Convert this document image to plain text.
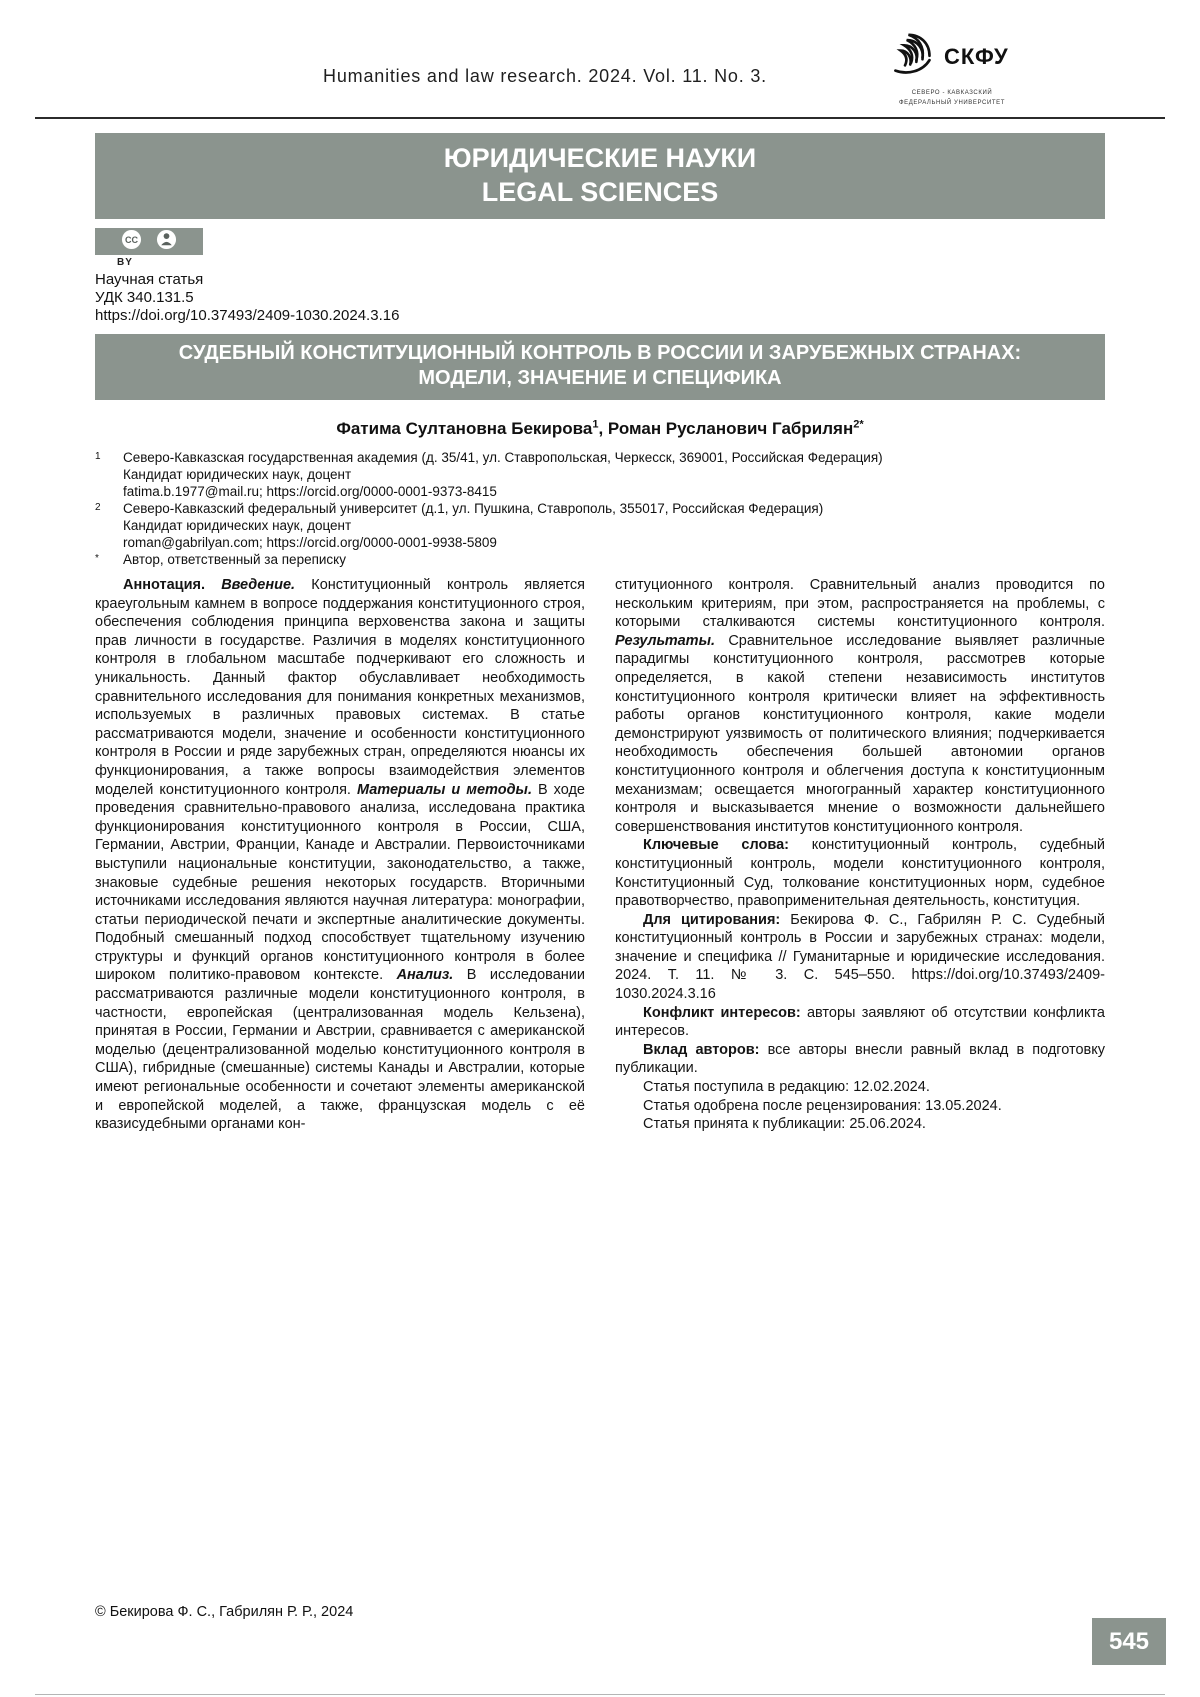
Humanities and law research. 2024. Vol. 11. No. 3.
СКФУ
СЕВЕРО - КАВКАЗСКИЙ
ФЕДЕРАЛЬНЫЙ УНИВЕРСИТЕТ
ЮРИДИЧЕСКИЕ НАУКИ
LEGAL SCIENCES
CC
BY
Научная статья
УДК 340.131.5
https://doi.org/10.37493/2409-1030.2024.3.16
СУДЕБНЫЙ КОНСТИТУЦИОННЫЙ КОНТРОЛЬ В РОССИИ И ЗАРУБЕЖНЫХ СТРАНАХ:
МОДЕЛИ, ЗНАЧЕНИЕ И СПЕЦИФИКА
Фатима Султановна Бекирова$^1$, Роман Русланович Габрилян$^{2*}$
1	Северо-Кавказская государственная академия (д. 35/41, ул. Ставропольская, Черкесск, 369001, Российская Федерация)
Кандидат юридических наук, доцент
fatima.b.1977@mail.ru; https://orcid.org/0000-0001-9373-8415
2	Северо-Кавказский федеральный университет (д.1, ул. Пушкина, Ставрополь, 355017, Российская Федерация)
Кандидат юридических наук, доцент
roman@gabrilyan.com; https://orcid.org/0000-0001-9938-5809
*	Автор, ответственный за переписку

Аннотация. Введение. Конституционный контроль является краеугольным камнем в вопросе поддержания конституционного строя, обеспечения соблюдения принципа верховенства закона и защиты прав личности в государстве. Различия в моделях конституционного контроля в глобальном масштабе подчеркивают его сложность и уникальность. Данный фактор обуславливает необходимость сравнительного исследования для понимания конкретных механизмов, используемых в различных правовых системах. В статье рассматриваются модели, значение и особенности конституционного контроля в России и ряде зарубежных стран, определяются нюансы их функционирования, а также вопросы взаимодействия элементов моделей конституционного контроля. Материалы и методы. В ходе проведения сравнительно-правового анализа, исследована практика функционирования конституционного контроля в России, США, Германии, Австрии, Франции, Канаде и Австралии. Первоисточниками выступили национальные конституции, законодательство, а также, знаковые судебные решения некоторых государств. Вторичными источниками исследования являются научная литература: монографии, статьи периодической печати и экспертные аналитические документы. Подобный смешанный подход способствует тщательному изучению структуры и функций органов конституционного контроля в более широком политико-правовом контексте. Анализ. В исследовании рассматриваются различные модели конституционного контроля, в частности, европейская (централизованная модель Кельзена), принятая в России, Германии и Австрии, сравнивается с американской моделью (децентрализованной моделью конституционного контроля в США), гибридные (смешанные) системы Канады и Австралии, которые имеют региональные особенности и сочетают элементы американской и европейской моделей, а также, французская модель с её квазисудебными органами кон-

ституционного контроля. Сравнительный анализ проводится по нескольким критериям, при этом, распространяется на проблемы, с которыми сталкиваются системы конституционного контроля. Результаты. Сравнительное исследование выявляет различные парадигмы конституционного контроля, рассмотрев которые определяется, в какой степени независимость институтов конституционного контроля критически влияет на эффективность работы органов конституционного контроля, какие модели демонстрируют уязвимость от политического влияния; подчеркивается необходимость обеспечения большей автономии органов конституционного контроля и облегчения доступа к конституционным механизмам; освещается многогранный характер конституционного контроля и высказывается мнение о возможности дальнейшего совершенствования институтов конституционного контроля.

Ключевые слова: конституционный контроль, судебный конституционный контроль, модели конституционного контроля, Конституционный Суд, толкование конституционных норм, судебное правотворчество, правоприменительная деятельность, конституция.

Для цитирования: Бекирова Ф. С., Габрилян Р. С. Судебный конституционный контроль в России и зарубежных странах: модели, значение и специфика // Гуманитарные и юридические исследования. 2024. Т. 11. № 3. С. 545–550. https://doi.org/10.37493/2409-1030.2024.3.16

Конфликт интересов: авторы заявляют об отсутствии конфликта интересов.

Вклад авторов: все авторы внесли равный вклад в подготовку публикации.

Статья поступила в редакцию: 12.02.2024.

Статья одобрена после рецензирования: 13.05.2024.

Статья принята к публикации: 25.06.2024.

© Бекирова Ф. С., Габрилян Р. Р., 2024
545
